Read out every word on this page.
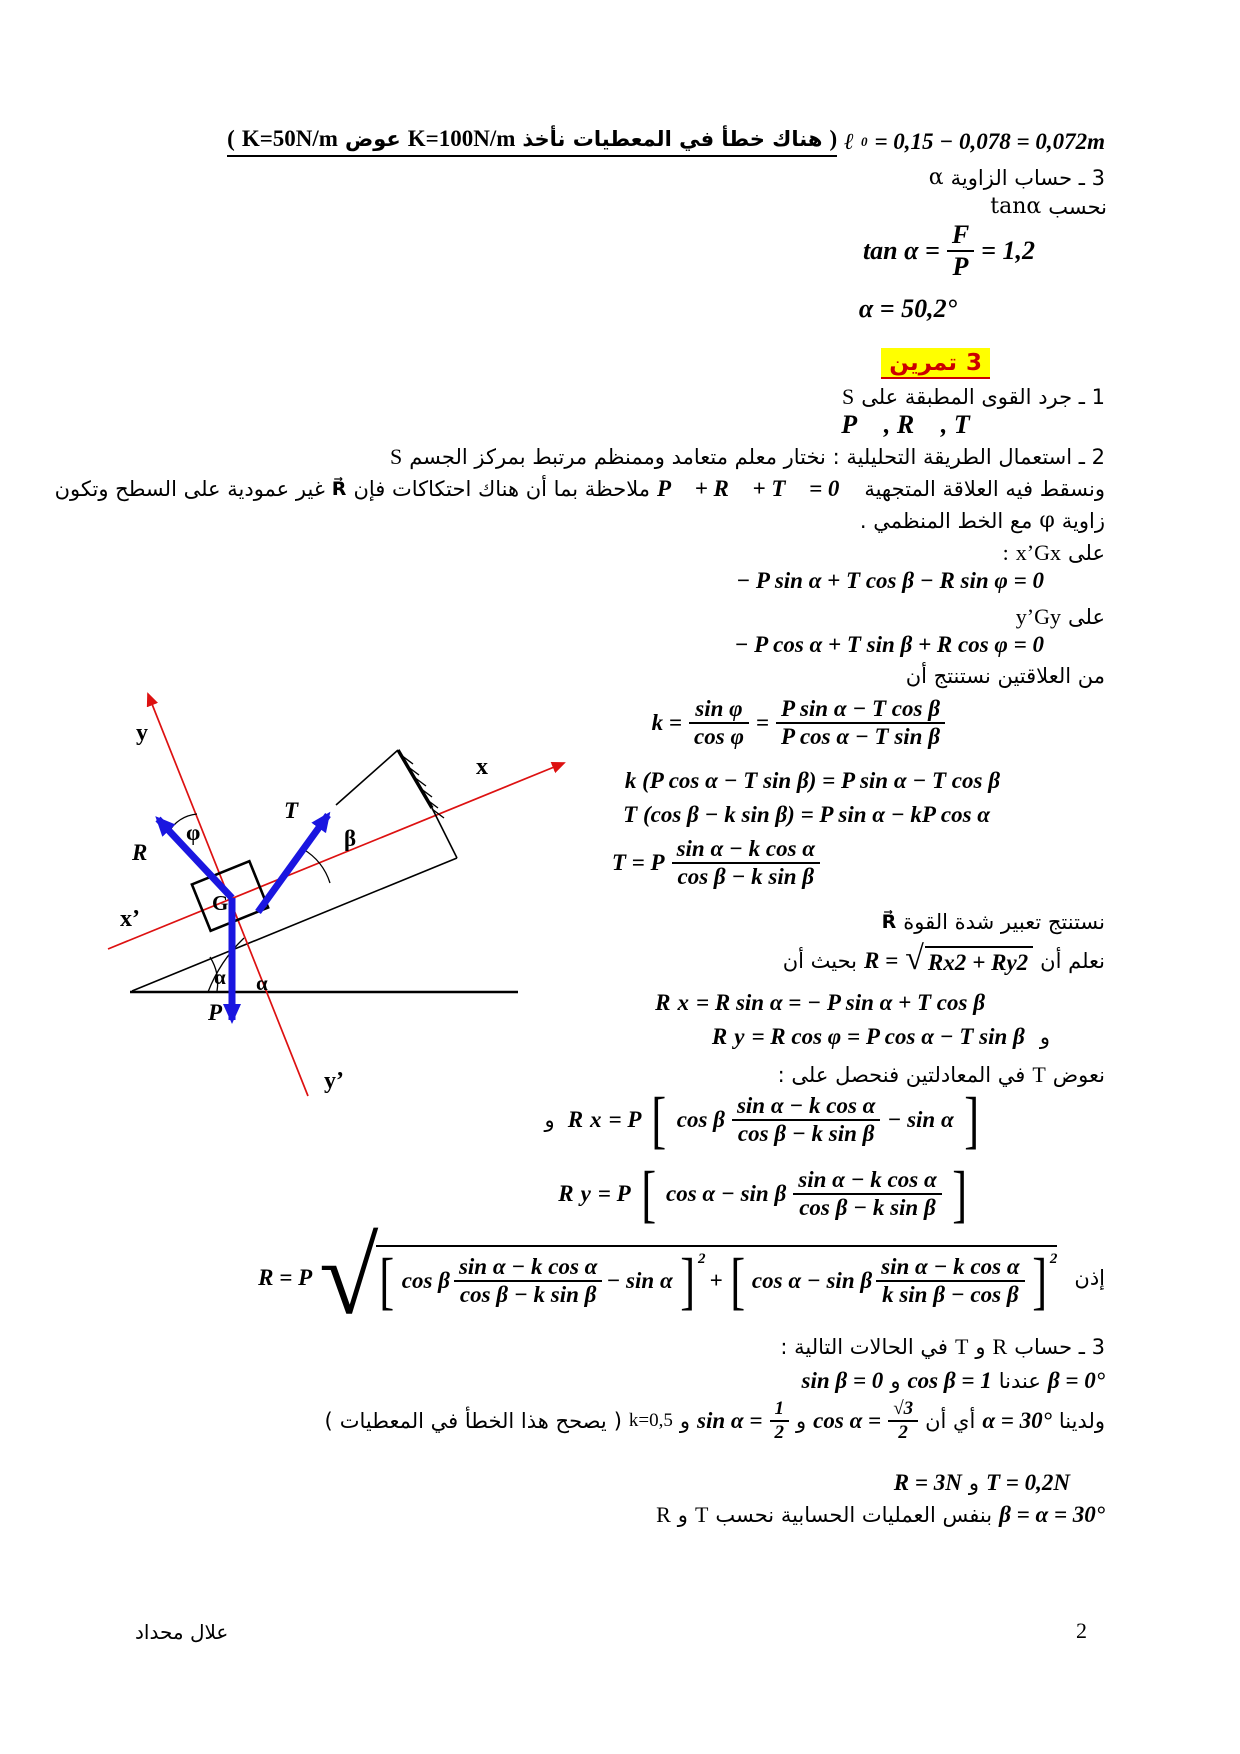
( K=50N/m عوض K=100N/m هناك خطأ في المعطيات نأخذ ) ℓ 0 = 0,15 − 0,078 = 0,072m
α 3 ـ حساب الزاوية
tanα نحسب
$\tan \alpha = \frac{F}{P} = 1,2$
α = 50,2°
تمرين 3
S 1 ـ جرد القوى المطبقة على
P⃗ , R⃗ , T⃗
S 2 ـ استعمال الطريقة التحليلية : نختار معلم متعامد وممنظم مرتبط بمركز الجسم
غير عمودية على السطح وتكون R⃗ ملاحظة بما أن هناك احتكاكات فإن P⃗ + R⃗ + T⃗ = 0⃗ ونسقط فيه العلاقة المتجهية
مع الخط المنظمي . φ زاوية
: x’Gx على
− P sin α + T cos β − R sin φ = 0
y’Gy على
− P cos α + T sin β + R cos φ = 0
من العلاقتين نستنتج أن
$k = \frac{\text{sin φ}}{\text{cos φ}} = \frac{\text{P sin α − T cos β}}{\text{P cos α − T sin β}}$
k (P cos α − T sin β) = P sin α − T cos β
T (cos β − k sin β) = P sin α − kP cos α
T = P $\frac{\text{sin α − k cos α}}{\text{cos β − k sin β}}$
R⃗ نستنتج تعبير شدة القوة
بحيث أن R = √ R x 2 + R y 2 نعلم أن
R x = R sin α = − P sin α + T cos β
R y = R cos φ = P cos α − T sin β و
في المعادلتين فنحصل على : T نعوض
و R x = P [ cos β $\frac{\text{sin α − k cos α}}{\text{cos β − k sin β}} - \sin \alpha$ ]
R y = P [ cos α − sin β $\frac{\text{sin α − k cos α}}{\text{cos β − k sin β}}$ ]
R = P √ [ cos β $\frac{\text{sin α − k cos α}}{\text{cos β − k sin β}} - \sin \alpha$ ] 2
+ [ cos α − sin β $\frac{\text{sin α − k cos α}}{\text{k sin β − cos β}}$ ] 2
إذن
في الحالات التالية : T و R 3 ـ حساب
sin β = 0 و cos β = 1 عندنا β = 0°
( يصحح هذا الخطأ في المعطيات ) k=0,5 و $\sin \alpha = \frac{1}{2}$ و $\cos \alpha = \frac{√3}{2}$ أي أن α = 30° ولدينا
R = 3N و T = 0,2N
R و T بنفس العمليات الحسابية نحسب β = α = 30°
y
x
x’
y’
G
φ	β
α α
R⃗
T⃗
P⃗
علال محداد	2
